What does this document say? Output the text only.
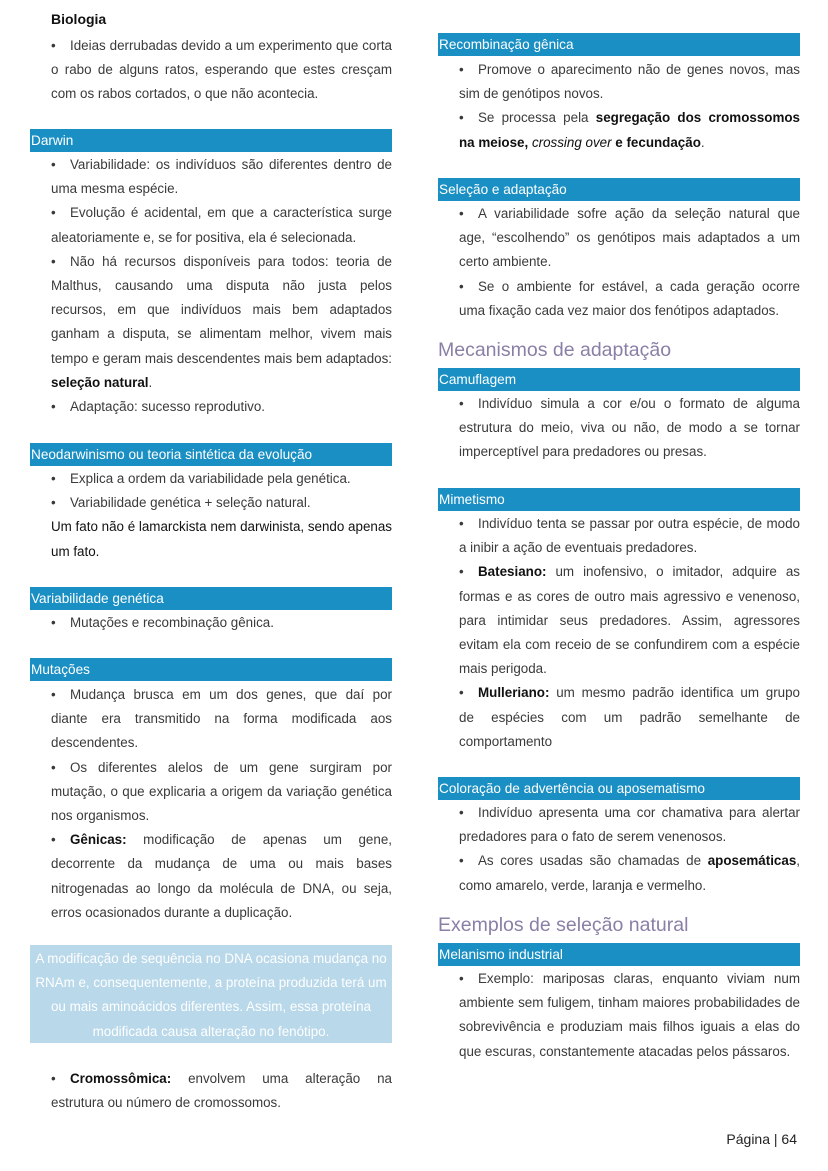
Biologia
• Ideias derrubadas devido a um experimento que corta o rabo de alguns ratos, esperando que estes cresçam com os rabos cortados, o que não acontecia.
Darwin
• Variabilidade: os indivíduos são diferentes dentro de uma mesma espécie.
• Evolução é acidental, em que a característica surge aleatoriamente e, se for positiva, ela é selecionada.
• Não há recursos disponíveis para todos: teoria de Malthus, causando uma disputa não justa pelos recursos, em que indivíduos mais bem adaptados ganham a disputa, se alimentam melhor, vivem mais tempo e geram mais descendentes mais bem adaptados: seleção natural.
• Adaptação: sucesso reprodutivo.
Neodarwinismo ou teoria sintética da evolução
• Explica a ordem da variabilidade pela genética.
• Variabilidade genética + seleção natural.
Um fato não é lamarckista nem darwinista, sendo apenas um fato.
Variabilidade genética
• Mutações e recombinação gênica.
Mutações
• Mudança brusca em um dos genes, que daí por diante era transmitido na forma modificada aos descendentes.
• Os diferentes alelos de um gene surgiram por mutação, o que explicaria a origem da variação genética nos organismos.
• Gênicas: modificação de apenas um gene, decorrente da mudança de uma ou mais bases nitrogenadas ao longo da molécula de DNA, ou seja, erros ocasionados durante a duplicação.
A modificação de sequência no DNA ocasiona mudança no RNAm e, consequentemente, a proteína produzida terá um ou mais aminoácidos diferentes. Assim, essa proteína modificada causa alteração no fenótipo.
• Cromossômica: envolvem uma alteração na estrutura ou número de cromossomos.
Recombinação gênica
• Promove o aparecimento não de genes novos, mas sim de genótipos novos.
• Se processa pela segregação dos cromossomos na meiose, crossing over e fecundação.
Seleção e adaptação
• A variabilidade sofre ação da seleção natural que age, “escolhendo” os genótipos mais adaptados a um certo ambiente.
• Se o ambiente for estável, a cada geração ocorre uma fixação cada vez maior dos fenótipos adaptados.
Mecanismos de adaptação
Camuflagem
• Indivíduo simula a cor e/ou o formato de alguma estrutura do meio, viva ou não, de modo a se tornar imperceptível para predadores ou presas.
Mimetismo
• Indivíduo tenta se passar por outra espécie, de modo a inibir a ação de eventuais predadores.
• Batesiano: um inofensivo, o imitador, adquire as formas e as cores de outro mais agressivo e venenoso, para intimidar seus predadores. Assim, agressores evitam ela com receio de se confundirem com a espécie mais perigoda.
• Mulleriano: um mesmo padrão identifica um grupo de espécies com um padrão semelhante de comportamento
Coloração de advertência ou aposematismo
• Indivíduo apresenta uma cor chamativa para alertar predadores para o fato de serem venenosos.
• As cores usadas são chamadas de aposemáticas, como amarelo, verde, laranja e vermelho.
Exemplos de seleção natural
Melanismo industrial
• Exemplo: mariposas claras, enquanto viviam num ambiente sem fuligem, tinham maiores probabilidades de sobrevivência e produziam mais filhos iguais a elas do que escuras, constantemente atacadas pelos pássaros.
Página | 64
